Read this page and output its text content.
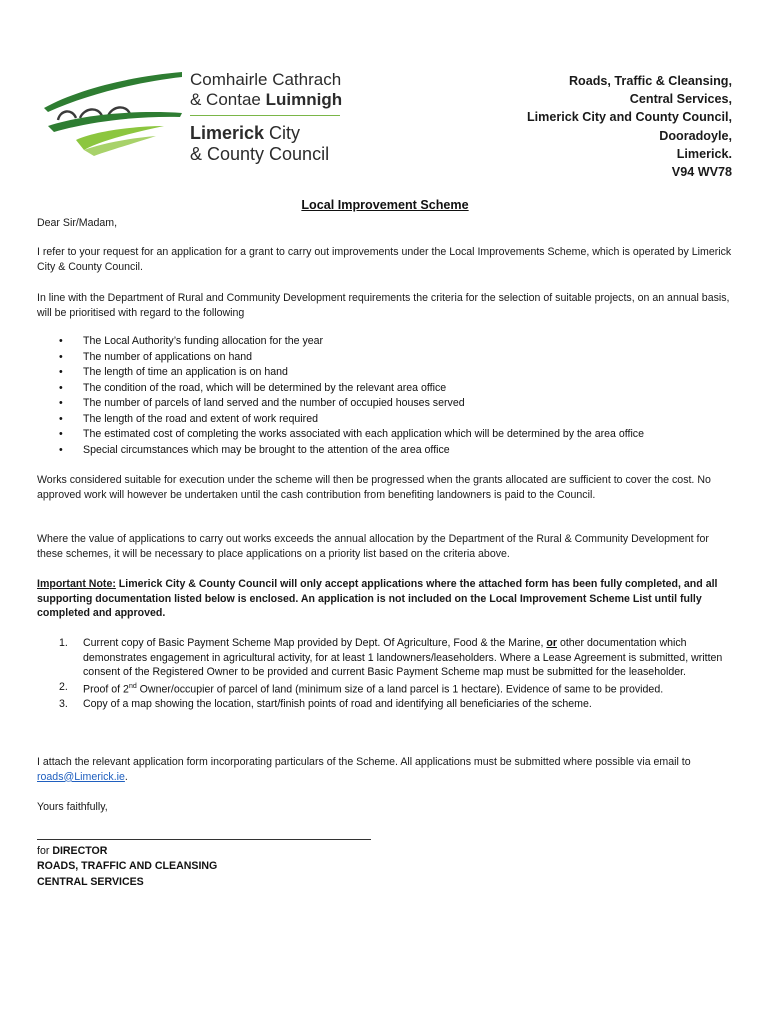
Comhairle Cathrach
& Contae Luimnigh
Limerick City
& County Council
Roads, Traffic & Cleansing,
Central Services,
Limerick City and County Council,
Dooradoyle,
Limerick.
V94 WV78
Local Improvement Scheme

Dear Sir/Madam,

I refer to your request for an application for a grant to carry out improvements under the Local Improvements Scheme, which is operated by Limerick City & County Council.

In line with the Department of Rural and Community Development requirements the criteria for the selection of suitable projects, on an annual basis, will be prioritised with regard to the following

• The Local Authority’s funding allocation for the year
• The number of applications on hand
• The length of time an application is on hand
• The condition of the road, which will be determined by the relevant area office
• The number of parcels of land served and the number of occupied houses served
• The length of the road and extent of work required
• The estimated cost of completing the works associated with each application which will be determined by the area office
• Special circumstances which may be brought to the attention of the area office

Works considered suitable for execution under the scheme will then be progressed when the grants allocated are sufficient to cover the cost. No approved work will however be undertaken until the cash contribution from benefiting landowners is paid to the Council.

Where the value of applications to carry out works exceeds the annual allocation by the Department of the Rural & Community Development for these schemes, it will be necessary to place applications on a priority list based on the criteria above.

Important Note: Limerick City & County Council will only accept applications where the attached form has been fully completed, and all supporting documentation listed below is enclosed. An application is not included on the Local Improvement Scheme List until fully completed and approved.

1. Current copy of Basic Payment Scheme Map provided by Dept. Of Agriculture, Food & the Marine, or other documentation which demonstrates engagement in agricultural activity, for at least 1 landowners/leaseholders. Where a Lease Agreement is submitted, written consent of the Registered Owner to be provided and current Basic Payment Scheme map must be submitted for the leaseholder.
2. Proof of 2nd Owner/occupier of parcel of land (minimum size of a land parcel is 1 hectare). Evidence of same to be provided.
3. Copy of a map showing the location, start/finish points of road and identifying all beneficiaries of the scheme.

I attach the relevant application form incorporating particulars of the Scheme. All applications must be submitted where possible via email to roads@Limerick.ie.

Yours faithfully,

for DIRECTOR
ROADS, TRAFFIC AND CLEANSING
CENTRAL SERVICES
